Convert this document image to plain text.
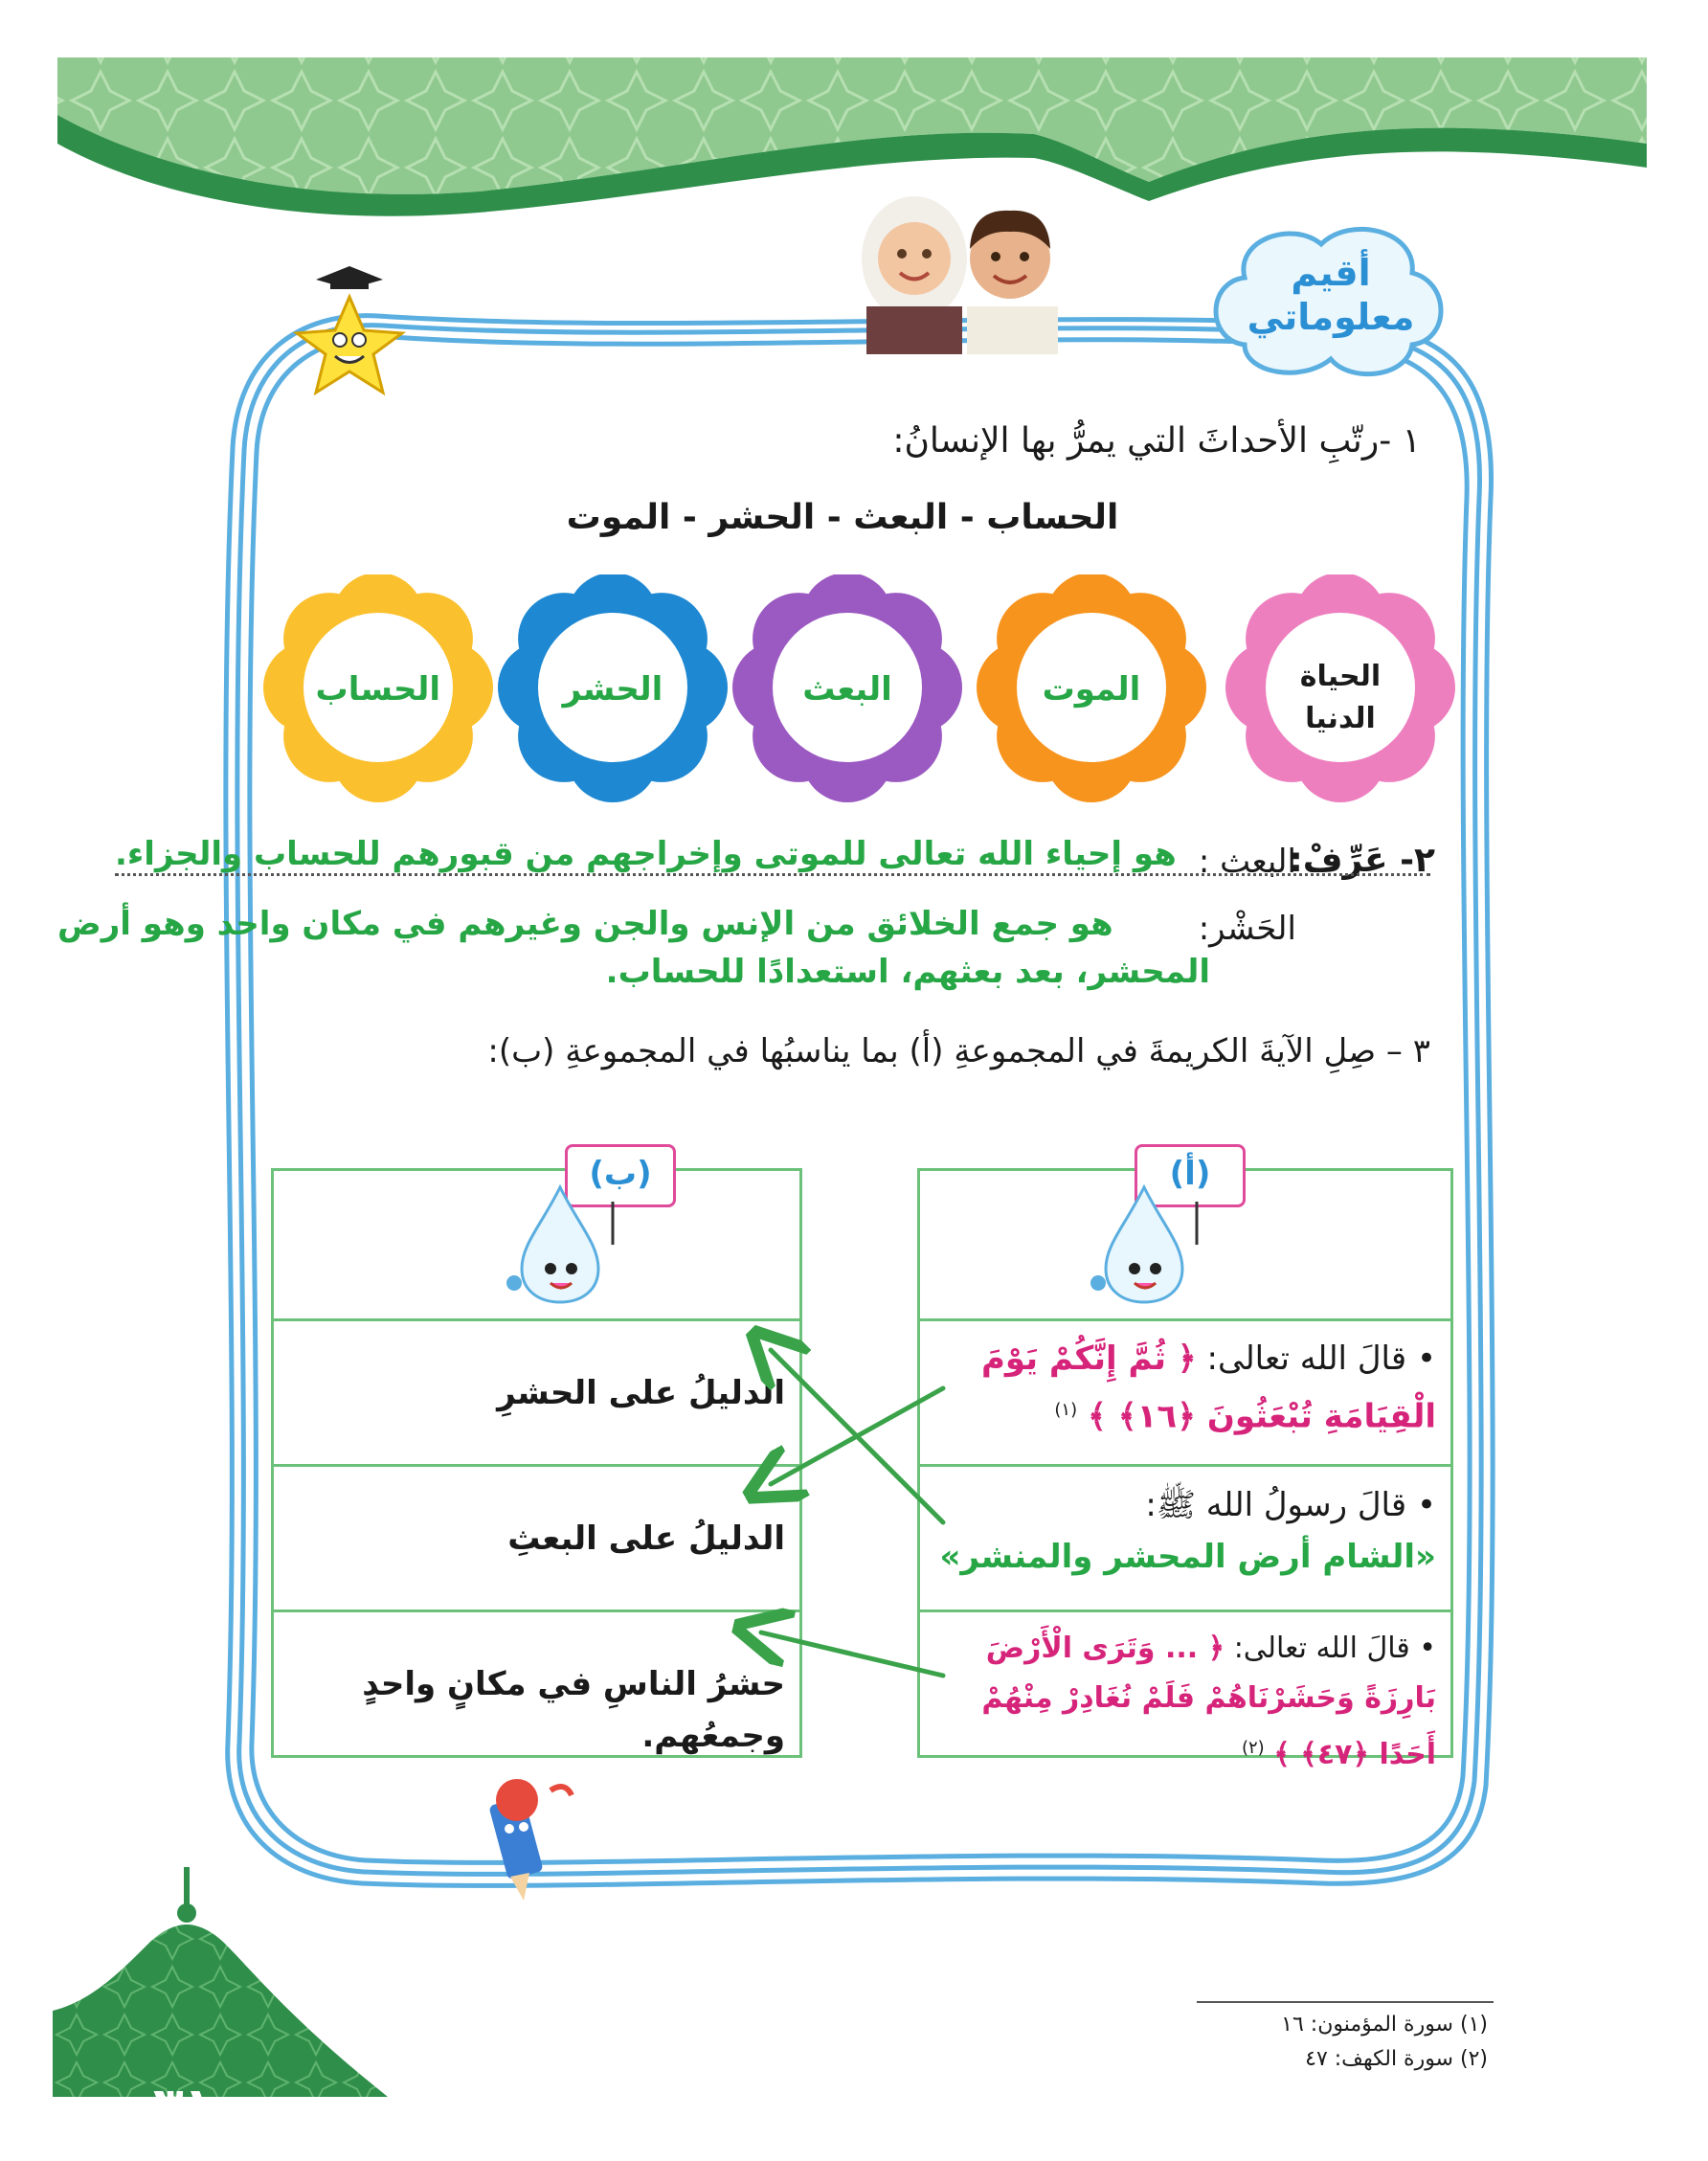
أقيم
معلوماتي
١ -رتّبِ الأحداثَ التي يمرُّ بها الإنسانُ:
الحساب - البعث - الحشر - الموت
الحياة الدنيا
الموت
البعث
الحشر
الحساب
٢- عَرِّفْ:
البعث :
هو إحياء الله تعالى للموتى وإخراجهم من قبورهم للحساب والجزاء.
الحَشْر:
هو جمع الخلائق من الإنس والجن وغيرهم في مكان واحد وهو أرض
المحشر، بعد بعثهم، استعدادًا للحساب.
٣ – صِلِ الآيةَ الكريمةَ في المجموعةِ (أ) بما يناسبُها في المجموعةِ (ب):
(أ)
(ب)
• قالَ الله تعالى: ﴿ ثُمَّ إِنَّكُمْ يَوْمَ الْقِيَامَةِ تُبْعَثُونَ ﴿١٦﴾ ﴾ $^{(١)}$
• قالَ رسولُ الله ﷺ:
«الشام أرض المحشر والمنشر»
• قالَ الله تعالى: ﴿ ... وَتَرَى الْأَرْضَ بَارِزَةً وَحَشَرْنَاهُمْ فَلَمْ نُغَادِرْ مِنْهُمْ أَحَدًا ﴿٤٧﴾ ﴾ $^{(٢)}$
الدليلُ على الحشرِ
الدليلُ على البعثِ
حشرُ الناسِ في مكانٍ واحدٍ وجمعُهم.
(١) سورة المؤمنون: ١٦
(٢) سورة الكهف: ٤٧
٣١
